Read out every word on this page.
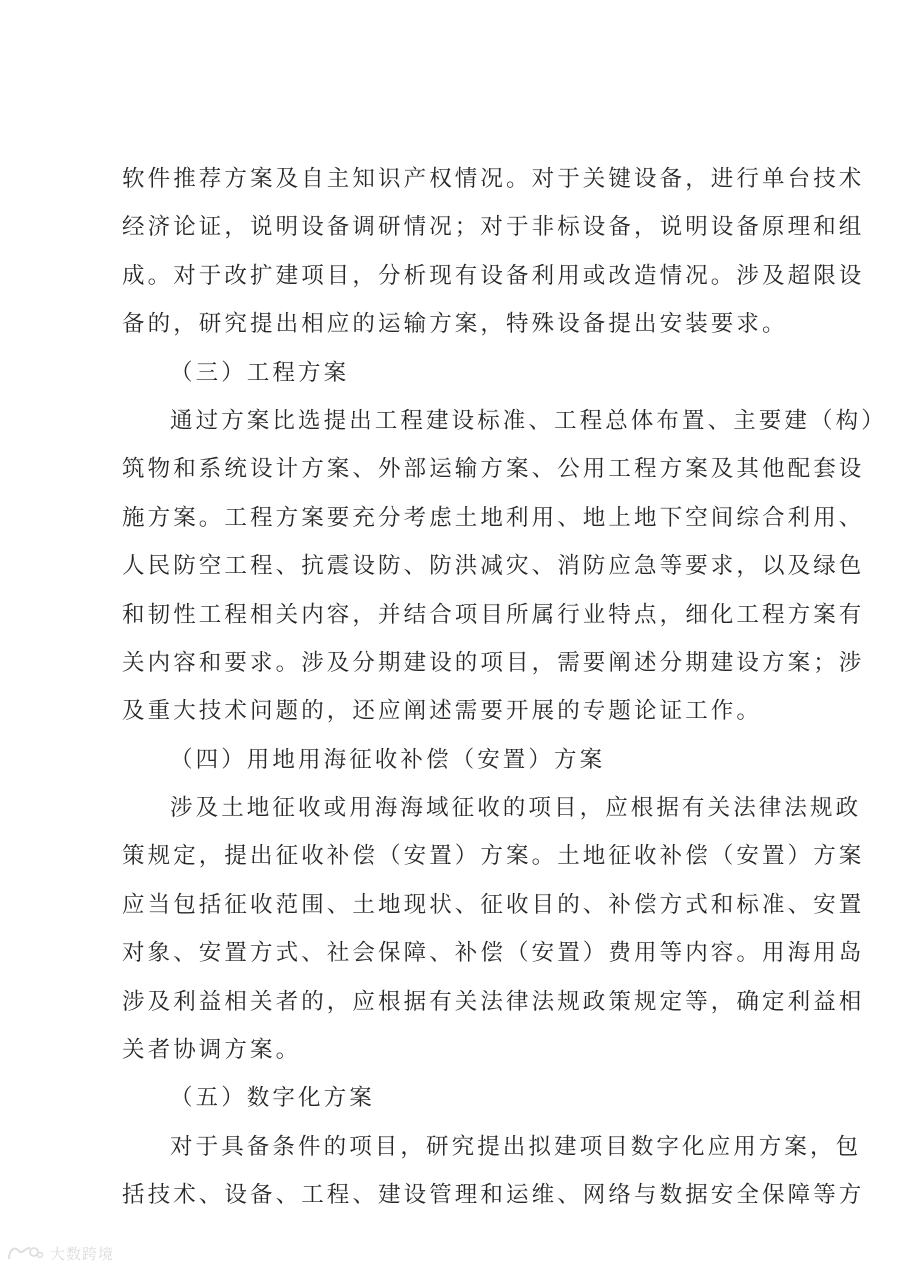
软件推荐方案及自主知识产权情况。对于关键设备，进行单台技术
经济论证，说明设备调研情况；对于非标设备，说明设备原理和组
成。对于改扩建项目，分析现有设备利用或改造情况。涉及超限设
备的，研究提出相应的运输方案，特殊设备提出安装要求。
（三）工程方案
通过方案比选提出工程建设标准、工程总体布置、主要建（构）
筑物和系统设计方案、外部运输方案、公用工程方案及其他配套设
施方案。工程方案要充分考虑土地利用、地上地下空间综合利用、
人民防空工程、抗震设防、防洪减灾、消防应急等要求，以及绿色
和韧性工程相关内容，并结合项目所属行业特点，细化工程方案有
关内容和要求。涉及分期建设的项目，需要阐述分期建设方案；涉
及重大技术问题的，还应阐述需要开展的专题论证工作。
（四）用地用海征收补偿（安置）方案
涉及土地征收或用海海域征收的项目，应根据有关法律法规政
策规定，提出征收补偿（安置）方案。土地征收补偿（安置）方案
应当包括征收范围、土地现状、征收目的、补偿方式和标准、安置
对象、安置方式、社会保障、补偿（安置）费用等内容。用海用岛
涉及利益相关者的，应根据有关法律法规政策规定等，确定利益相
关者协调方案。
（五）数字化方案
对于具备条件的项目，研究提出拟建项目数字化应用方案，包
括技术、设备、工程、建设管理和运维、网络与数据安全保障等方
大数跨境
